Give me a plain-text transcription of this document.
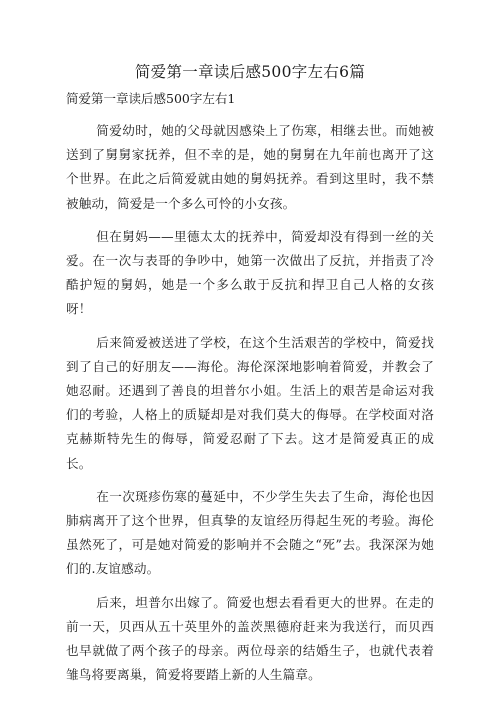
简爱第一章读后感500字左右6篇
简爱第一章读后感500字左右1

简爱幼时，她的父母就因感染上了伤寒，相继去世。而她被送到了舅舅家抚养，但不幸的是，她的舅舅在九年前也离开了这个世界。在此之后简爱就由她的舅妈抚养。看到这里时，我不禁被触动，简爱是一个多么可怜的小女孩。

但在舅妈——里德太太的抚养中，简爱却没有得到一丝的关爱。在一次与表哥的争吵中，她第一次做出了反抗，并指责了冷酷护短的舅妈，她是一个多么敢于反抗和捍卫自己人格的女孩呀！

后来简爱被送进了学校，在这个生活艰苦的学校中，简爱找到了自己的好朋友——海伦。海伦深深地影响着简爱，并教会了她忍耐。还遇到了善良的坦普尔小姐。生活上的艰苦是命运对我们的考验，人格上的质疑却是对我们莫大的侮辱。在学校面对洛克赫斯特先生的侮辱，简爱忍耐了下去。这才是简爱真正的成长。

在一次斑疹伤寒的蔓延中，不少学生失去了生命，海伦也因肺病离开了这个世界，但真挚的友谊经历得起生死的考验。海伦虽然死了，可是她对简爱的影响并不会随之“死”去。我深深为她们的.友谊感动。

后来，坦普尔出嫁了。简爱也想去看看更大的世界。在走的前一天，贝西从五十英里外的盖茨黑德府赶来为我送行，而贝西也早就做了两个孩子的母亲。两位母亲的结婚生子，也就代表着雏鸟将要离巢，简爱将要踏上新的人生篇章。
